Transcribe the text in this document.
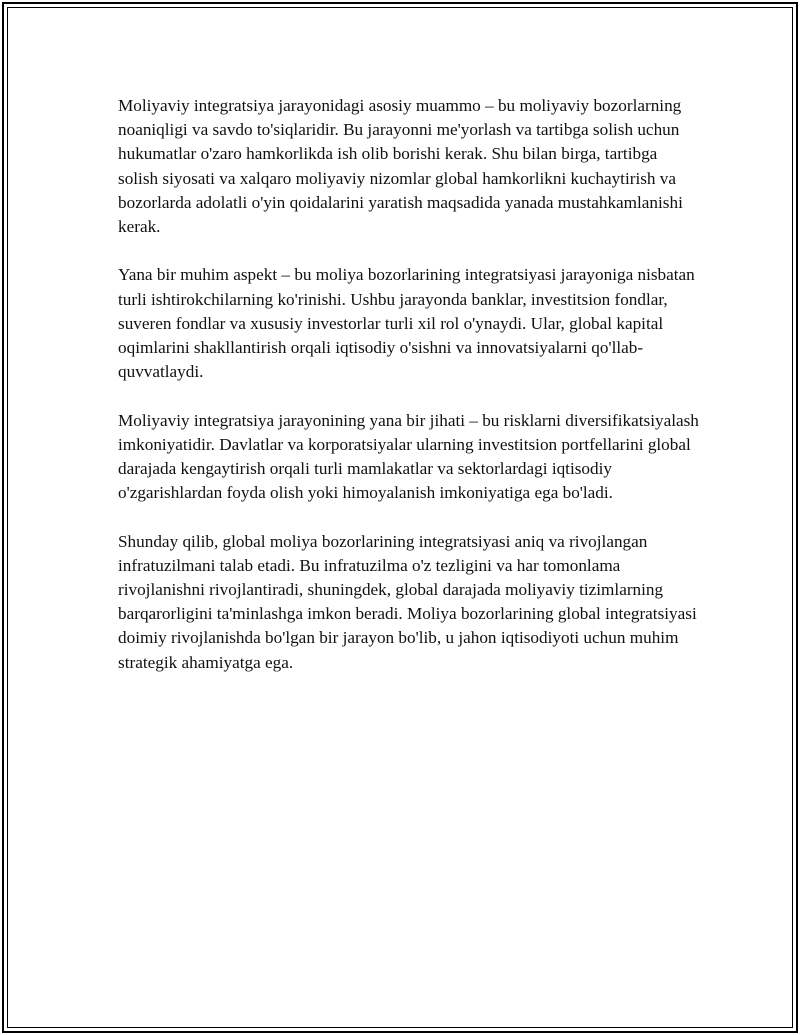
Moliyaviy integratsiya jarayonidagi asosiy muammo – bu moliyaviy bozorlarning noaniqligi va savdo to'siqlaridir. Bu jarayonni me'yorlash va tartibga solish uchun hukumatlar o'zaro hamkorlikda ish olib borishi kerak. Shu bilan birga, tartibga solish siyosati va xalqaro moliyaviy nizomlar global hamkorlikni kuchaytirish va bozorlarda adolatli o'yin qoidalarini yaratish maqsadida yanada mustahkamlanishi kerak.

Yana bir muhim aspekt – bu moliya bozorlarining integratsiyasi jarayoniga nisbatan turli ishtirokchilarning ko'rinishi. Ushbu jarayonda banklar, investitsion fondlar, suveren fondlar va xususiy investorlar turli xil rol o'ynaydi. Ular, global kapital oqimlarini shakllantirish orqali iqtisodiy o'sishni va innovatsiyalarni qo'llab-quvvatlaydi.

Moliyaviy integratsiya jarayonining yana bir jihati – bu risklarni diversifikatsiyalash imkoniyatidir. Davlatlar va korporatsiyalar ularning investitsion portfellarini global darajada kengaytirish orqali turli mamlakatlar va sektorlardagi iqtisodiy o'zgarishlardan foyda olish yoki himoyalanish imkoniyatiga ega bo'ladi.

Shunday qilib, global moliya bozorlarining integratsiyasi aniq va rivojlangan infratuzilmani talab etadi. Bu infratuzilma o'z tezligini va har tomonlama rivojlanishni rivojlantiradi, shuningdek, global darajada moliyaviy tizimlarning barqarorligini ta'minlashga imkon beradi. Moliya bozorlarining global integratsiyasi doimiy rivojlanishda bo'lgan bir jarayon bo'lib, u jahon iqtisodiyoti uchun muhim strategik ahamiyatga ega.
